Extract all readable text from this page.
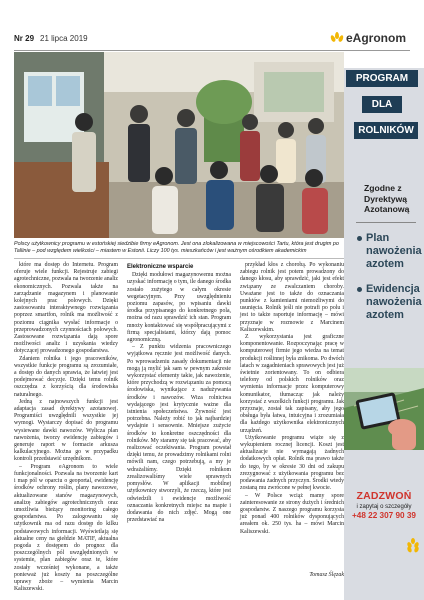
Nr 29 21 lipca 2019	eAgronom
Polscy użytkownicy programu w estońskiej siedzibie firmy eAgronom. Jest ona zlokalizowana w miejscowości Tartu, która jest drugim po Tallinie – pod względem wielkości – miastem w Estonii. Liczy 100 tys. mieszkańców i jest ważnym ośrodkiem akademickim

które ma dostęp do Internetu. Program oferuje wiele funkcji. Rejestruje zabiegi agrotechniczne, pozwala na tworzenie analiz ekonomicznych. Pozwala także na zarządzanie magazynem i planowanie kolejnych prac polowych. Dzięki zastosowaniu interaktywnego rozwiązania poprzez smartfon, rolnik ma możliwość z poziomu ciągnika wysłać informacje o przeprowadzonych czynnościach polowych. Zastosowane rozwiązania dają spore możliwości analiz i uzyskania wiedzy dotyczącej prowadzonego gospodarstwa.

Zdaniem rolnika i jego pracowników, wszystkie funkcje programu są zrozumiałe, a dostęp do danych sprawia, że łatwiej jest podejmować decyzje. Dzięki temu rolnik oszczędza z korzyścią dla środowiska naturalnego.

Jedną z najnowszych funkcji jest adaptacja zasad dyrektywy azotanowej. Programiści uwzględnili wszystkie jej wymogi. Wystarczy dopisać do programu wysiewane dawki nawozów. Wylicza plan nawożenia, tworzy ewidencję zabiegów i generuje raport w formacie arkusza kalkulacyjnego. Można go w przypadku kontroli przedstawić urzędnikom.

– Program eAgronom to wiele funkcjonalności. Pozwala na tworzenie kart i map pól w oparciu o geoportal, ewidencję środków ochrony roślin, plany nawozowe, aktualizowane stanów magazynowych, analizę zabiegów agrotechnicznych oraz umożliwia bieżący monitoring całego gospodarstwa. Po zalogowaniu się użytkownik ma od razu dostęp do kilku podstawowych informacji. Wyświetlają się aktualne ceny na giełdzie MATIF, aktualna pogoda z dostępem do prognoz dla poszczególnych pól uwzględnionych w systemie, plan zabiegów oraz te, które zostały wcześniej wykonane, a także ponieważ już koszty na poszczególne uprawy zboże – wymienia Marcin Kaliszewski.

Elektroniczne wsparcie

Dzięki modułowi magazynowemu można uzyskać informację o tym, ile danego środka zostało zużytego w całym okresie wegetacyjnym. Przy uwzględnieniu poziomu zapasów, po wpisaniu dawki środka przypisanego do konkretnego pola, można od razu sprawdzić ich stan. Program mnoży kontaktować się współpracującymi z firmą specjalistami, którzy dają pomoc agronomiczną.

– Z punktu widzenia pracowniczego wyjątkowa ręcznie jest możliwość danych. Po wprowadzeniu zasady dokumentacji nie mogą ją mylić jak sam w pewnym zakresie wykorzystać elementy takie, jak nawożenie, które przychodzą w rozwiązaniu za pomocą środowiska, wynikające z nadużywania środków i nawozów. Wiza rolnictwa wydającego jest krytycznie ważne dla istnienia społeczeństwa. Żywność jest potrzebna. Należy robić to jak najbardziej wydajnie i sensownie. Mniejsze zużycie środków to konkretne oszczędności dla rolników. My staramy się tak pracować, aby realizować oczekiwania. Program powstał dzięki temu, że prowadzimy rolnikami rolni mówili nam, czego potrzebują, a my je wdrażaliśmy. Dzięki rolnikom zrealizowaliśmy wiele sprawnych pomysłów. W aplikacji mobilnej użytkownicy stworzyli, że rzeczą, które jest odwiedzili i ewidencje możliwość oznaczania konkretnych miejsc na mapie i dodawania do nich zdjęć. Mogą one przedstawiać na

przykład kłos z chorobą. Po wykonaniu zabiegu rolnik jest potem prowadzony do danego kłosu, aby sprawdzić, jaki jest efekt związany ze zwalczaniem choroby. Uważane jest to także do oznaczania punktów z kamieniami niemożliwymi do usunięcia. Rolnik jeśli nie potrafi po polu i jest to także raportuje informację – mówi przyznaje w rozmowie z Marcinem Kaliszewskim.

Z wykorzystania jest graficzne komponentowanie. Rozpoczynając pracę w komputerowej firmie jego wiedza na temat produkcji roślinnej była znikoma. Po dwóch latach w zagadnieniach sprawowych jest już świetnie zorientowany. To on odbiera telefony od polskich rolników oraz wymienia informacje przez komputerowy komunikator, tłumacząc jak należy korzystać z wszelkich funkcji programu. Jak przyznaje, został tak zapisany, aby jego obsługa była łatwa, intuicyjna i zrozumiała dla każdego użytkownika elektronicznych urządzeń.

Użytkowanie programu wiąże się z wykupieniem rocznej licencji. Koszt jest aktualizacje nie wymagają żadnych dodatkowych opłat. Rolnik ma prawo także do tego, by w okresie 30 dni od zakupu zrezygnować z użytkowania programu bez podawania żadnych przyczyn. Środki wtedy zostaną mu zwrócone w pełnej kwocie.

– W Polsce wciąż mamy spore zainteresowanie ze strony dużych i średnich gospodarstw. Z naszego programu korzysta już ponad 400 rolników dysponujących areałem ok. 250 tys. ha – mówi Marcin Kaliszewski.

Tomasz Ślęzak
PROGRAM
DLA
ROLNIKÓW
Zgodne z Dyrektywą Azotanową
Plan nawożenia azotem
Ewidencja nawożenia azotem
ZADZWOŃ
i zapytaj o szczegóły
+48 22 307 90 39
